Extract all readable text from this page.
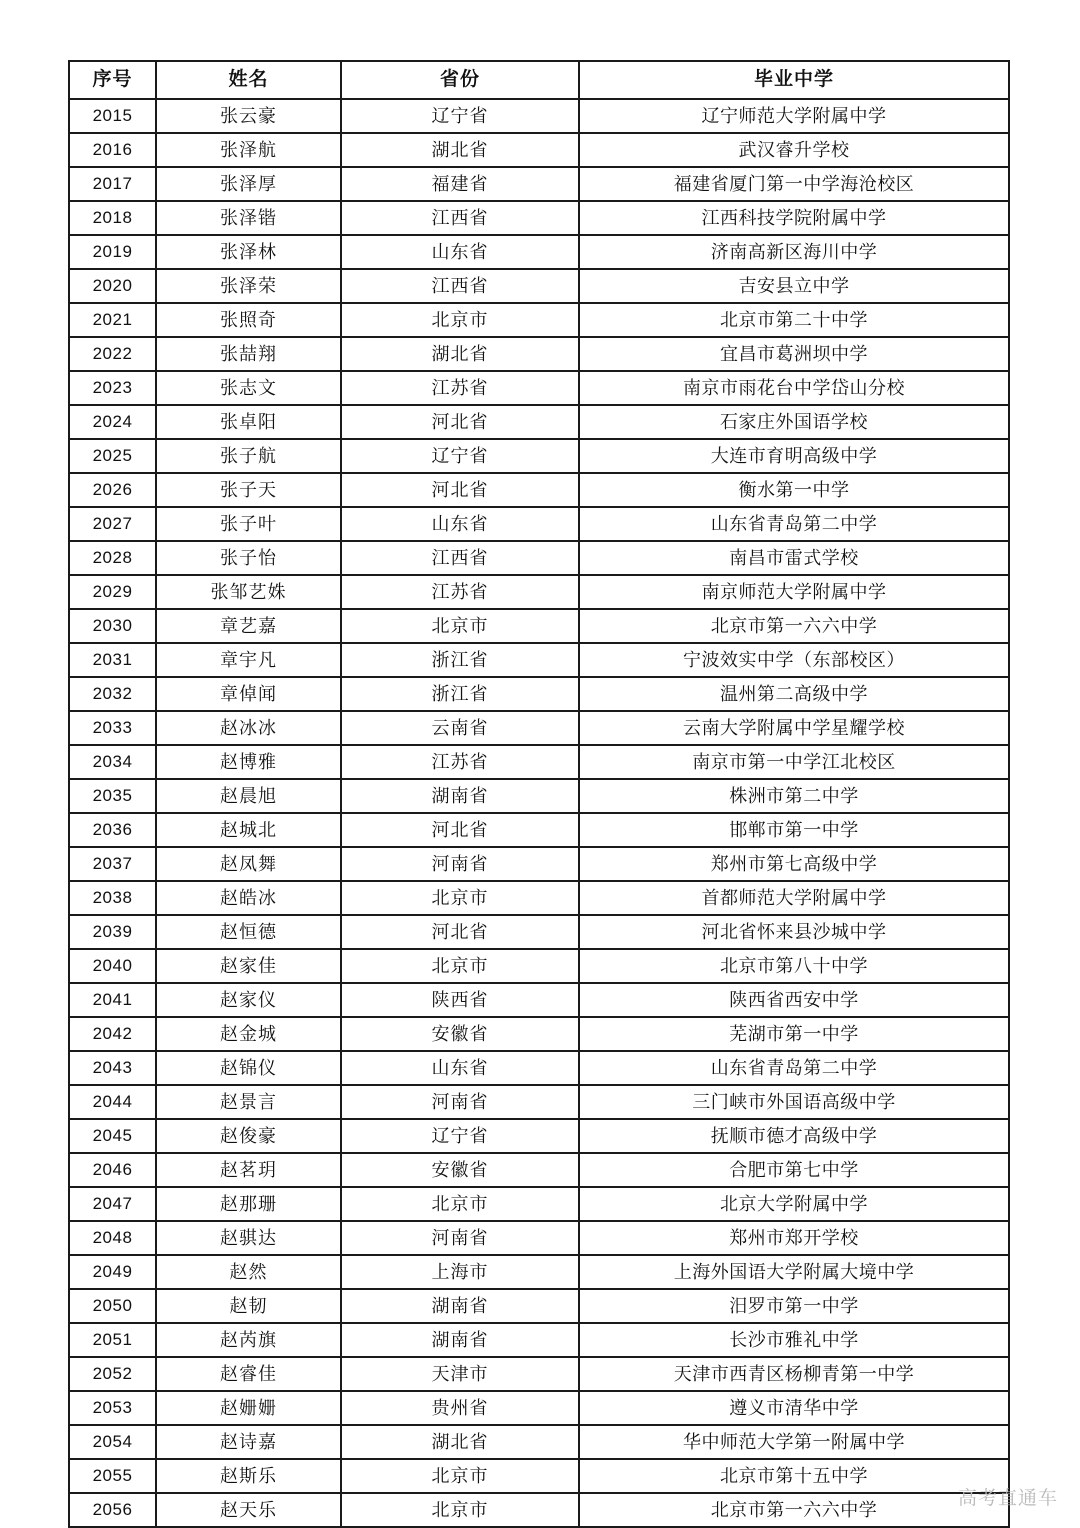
序号	姓名	省份	毕业中学
2015	张云豪	辽宁省	辽宁师范大学附属中学
2016	张泽航	湖北省	武汉睿升学校
2017	张泽厚	福建省	福建省厦门第一中学海沧校区
2018	张泽锴	江西省	江西科技学院附属中学
2019	张泽林	山东省	济南高新区海川中学
2020	张泽荣	江西省	吉安县立中学
2021	张照奇	北京市	北京市第二十中学
2022	张喆翔	湖北省	宜昌市葛洲坝中学
2023	张志文	江苏省	南京市雨花台中学岱山分校
2024	张卓阳	河北省	石家庄外国语学校
2025	张子航	辽宁省	大连市育明高级中学
2026	张子天	河北省	衡水第一中学
2027	张子叶	山东省	山东省青岛第二中学
2028	张子怡	江西省	南昌市雷式学校
2029	张邹艺姝	江苏省	南京师范大学附属中学
2030	章艺嘉	北京市	北京市第一六六中学
2031	章宇凡	浙江省	宁波效实中学（东部校区）
2032	章倬闻	浙江省	温州第二高级中学
2033	赵冰冰	云南省	云南大学附属中学星耀学校
2034	赵博雅	江苏省	南京市第一中学江北校区
2035	赵晨旭	湖南省	株洲市第二中学
2036	赵城北	河北省	邯郸市第一中学
2037	赵凤舞	河南省	郑州市第七高级中学
2038	赵皓冰	北京市	首都师范大学附属中学
2039	赵恒德	河北省	河北省怀来县沙城中学
2040	赵家佳	北京市	北京市第八十中学
2041	赵家仪	陕西省	陕西省西安中学
2042	赵金城	安徽省	芜湖市第一中学
2043	赵锦仪	山东省	山东省青岛第二中学
2044	赵景言	河南省	三门峡市外国语高级中学
2045	赵俊豪	辽宁省	抚顺市德才高级中学
2046	赵茗玥	安徽省	合肥市第七中学
2047	赵那珊	北京市	北京大学附属中学
2048	赵骐达	河南省	郑州市郑开学校
2049	赵然	上海市	上海外国语大学附属大境中学
2050	赵韧	湖南省	汨罗市第一中学
2051	赵芮旗	湖南省	长沙市雅礼中学
2052	赵睿佳	天津市	天津市西青区杨柳青第一中学
2053	赵姗姗	贵州省	遵义市清华中学
2054	赵诗嘉	湖北省	华中师范大学第一附属中学
2055	赵斯乐	北京市	北京市第十五中学
2056	赵天乐	北京市	北京市第一六六中学
高考直通车
